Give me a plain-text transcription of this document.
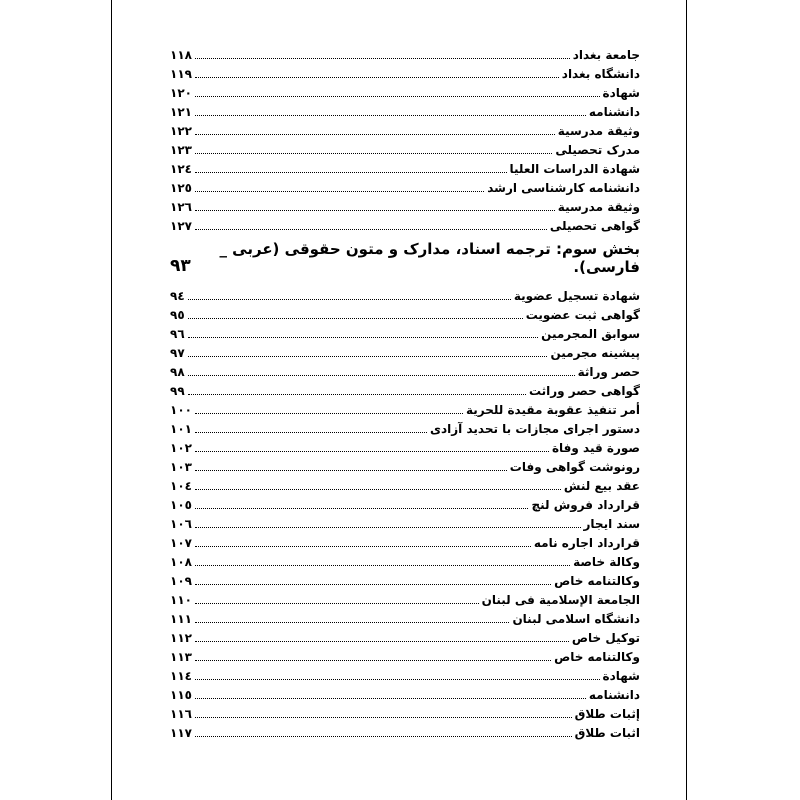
جامعة بغداد
١١٨
دانشگاه بغداد
١١٩
شهادة
١٢٠
دانشنامه
١٢١
وثيقة مدرسية
١٢٢
مدرک تحصیلی
١٢٣
شهادة الدراسات العليا
١٢٤
دانشنامه کارشناسی ارشد
١٢٥
وثيقة مدرسية
١٢٦
گواهی تحصیلی
١٢٧
بخش سوم: ترجمه اسناد، مدارک و متون حقوقی (عربی _ فارسی).
٩٣
شهادة تسجيل عضوية
٩٤
گواهی ثبت عضویت
٩٥
سوابق المجرمين
٩٦
پیشینه مجرمین
٩٧
حصر وراثة
٩٨
گواهی حصر وراثت
٩٩
أمر تنفيذ عقوبة مقيدة للحرية
١٠٠
دستور اجرای مجازات با تحدید آزادی
١٠١
صورة قيد وفاة
١٠٢
رونوشت گواهی وفات
١٠٣
عقد بيع لنش
١٠٤
قرارداد فروش لنچ
١٠٥
سند ايجار
١٠٦
قرارداد اجاره نامه
١٠٧
وكالة خاصة
١٠٨
وكالتنامه خاص
١٠٩
الجامعة الإسلامية فی لبنان
١١٠
دانشگاه اسلامی لبنان
١١١
توكيل خاص
١١٢
وكالتنامه خاص
١١٣
شهادة
١١٤
دانشنامه
١١٥
إثبات طلاق
١١٦
اثبات طلاق
١١٧
